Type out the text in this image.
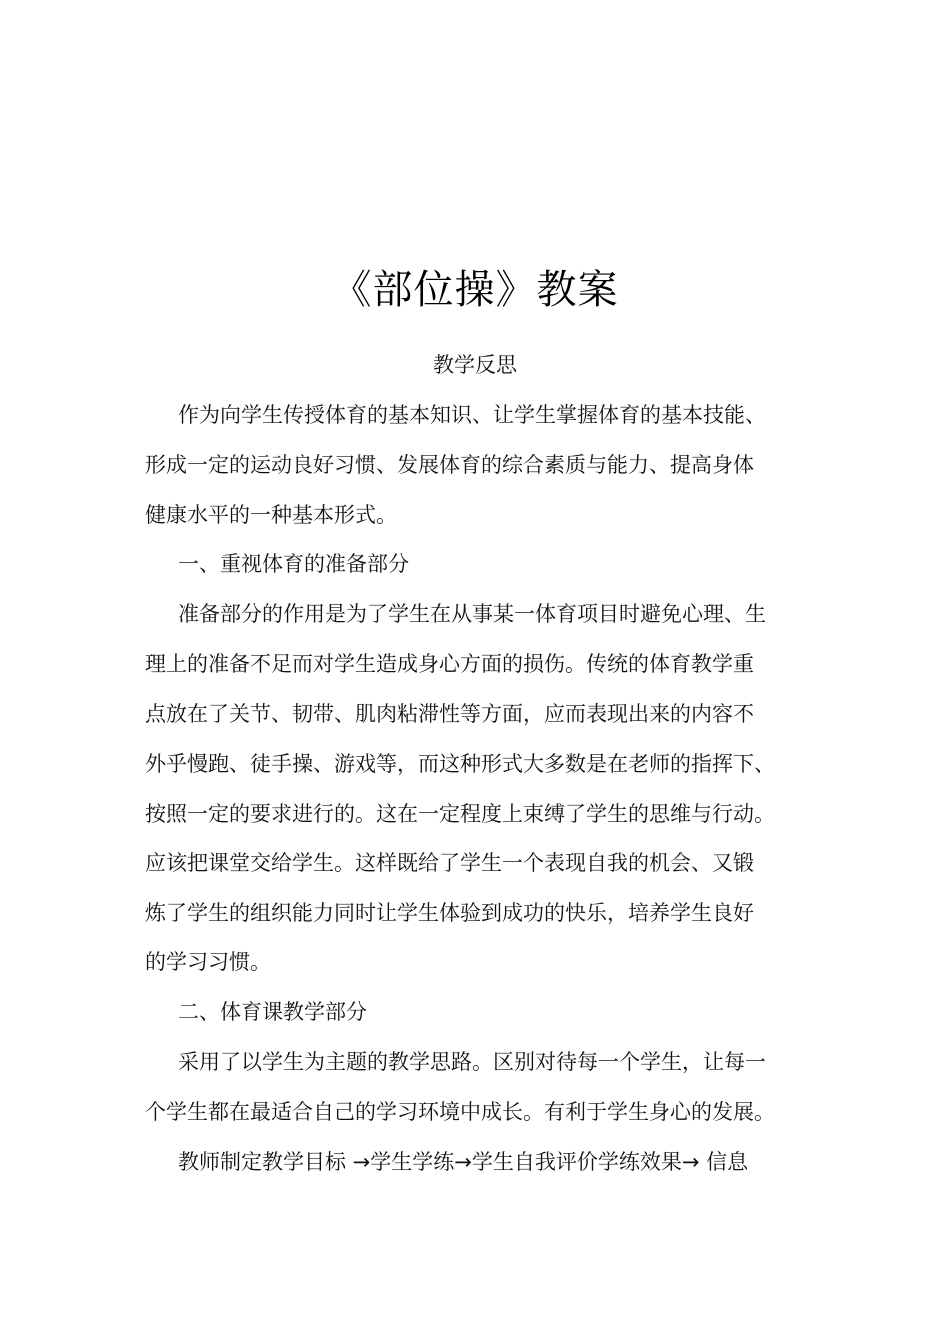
《部位操》教案
教学反思
作为向学生传授体育的基本知识、让学生掌握体育的基本技能、
形成一定的运动良好习惯、发展体育的综合素质与能力、提高身体
健康水平的一种基本形式。
一、重视体育的准备部分
准备部分的作用是为了学生在从事某一体育项目时避免心理、生
理上的准备不足而对学生造成身心方面的损伤。传统的体育教学重
点放在了关节、韧带、肌肉粘滞性等方面，应而表现出来的内容不
外乎慢跑、徒手操、游戏等，而这种形式大多数是在老师的指挥下、
按照一定的要求进行的。这在一定程度上束缚了学生的思维与行动。
应该把课堂交给学生。这样既给了学生一个表现自我的机会、又锻
炼了学生的组织能力同时让学生体验到成功的快乐，培养学生良好
的学习习惯。
二、体育课教学部分
采用了以学生为主题的教学思路。区别对待每一个学生，让每一
个学生都在最适合自己的学习环境中成长。有利于学生身心的发展。
教师制定教学目标 →学生学练→学生自我评价学练效果→ 信息
